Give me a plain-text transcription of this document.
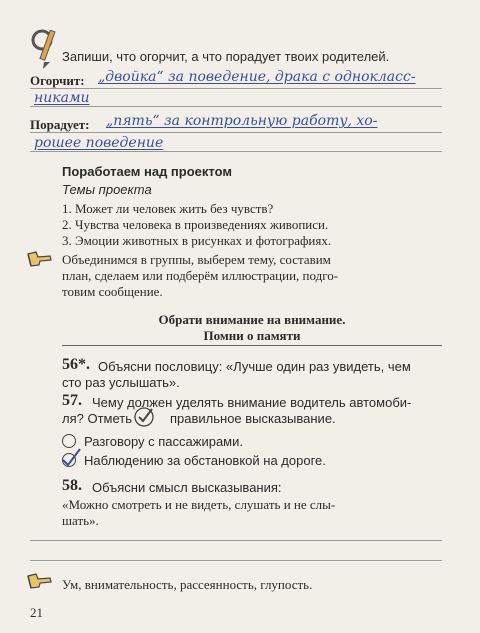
Запиши, что огорчит, а что порадует твоих родителей.
Огорчит: „двойка“ за поведение, драка с однокласс-
никами
Порадует: „пять“ за контрольную работу, хо-
рошее поведение
Поработаем над проектом
Темы проекта
1. Может ли человек жить без чувств?
2. Чувства человека в произведениях живописи.
3. Эмоции животных в рисунках и фотографиях.
Объединимся в группы, выберем тему, составим
план, сделаем или подберём иллюстрации, подго-
товим сообщение.
Обрати внимание на внимание.
Помни о памяти
56*. Объясни пословицу: «Лучше один раз увидеть, чем
сто раз услышать».
57. Чему должен уделять внимание водитель автомоби-
ля? Отметь	правильное высказывание.
Разговору с пассажирами.
Наблюдению за обстановкой на дороге.
58. Объясни смысл высказывания:
«Можно смотреть и не видеть, слушать и не слы-
шать».
Ум, внимательность, рассеянность, глупость.
21
